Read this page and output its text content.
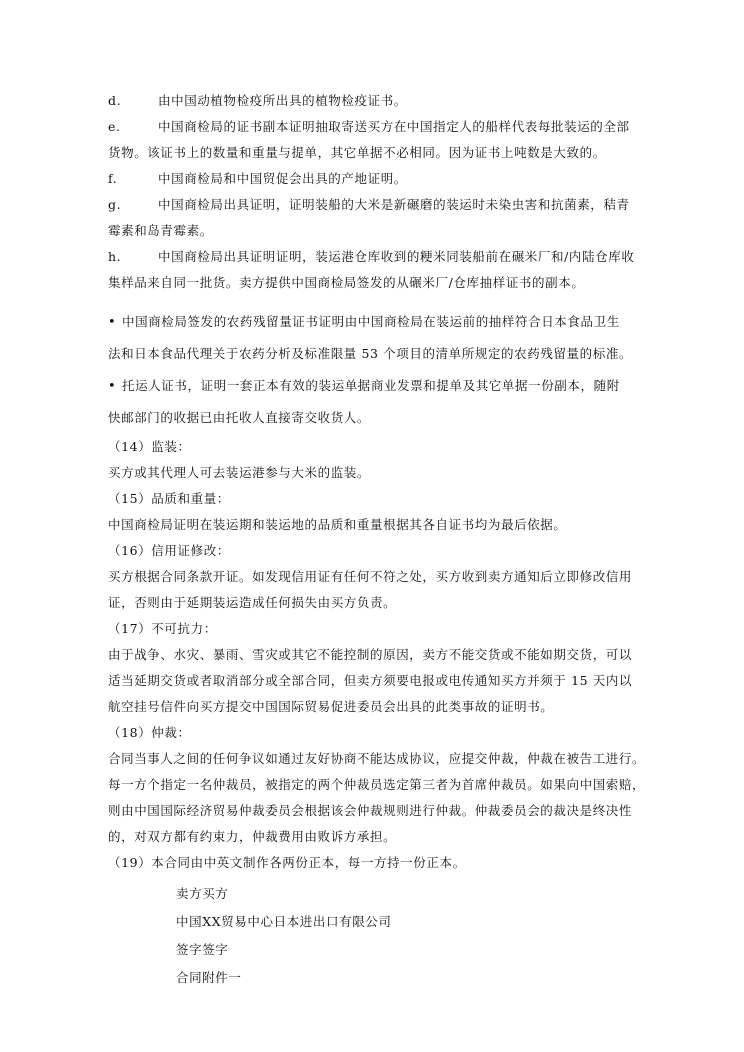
d.	由中国动植物检疫所出具的植物检疫证书。
e.	中国商检局的证书副本证明抽取寄送买方在中国指定人的船样代表每批装运的全部
货物。该证书上的数量和重量与提单，其它单据不必相同。因为证书上吨数是大致的。
f.	中国商检局和中国贸促会出具的产地证明。
g.	中国商检局出具证明，证明装船的大米是新碾磨的装运时未染虫害和抗菌素，秸青
霉素和岛青霉素。
h.	中国商检局出具证明证明，装运港仓库收到的粳米同装船前在碾米厂和/内陆仓库收
集样品来自同一批货。卖方提供中国商检局签发的从碾米厂/仓库抽样证书的副本。
• 中国商检局签发的农药残留量证书证明由中国商检局在装运前的抽样符合日本食品卫生
法和日本食品代理关于农药分析及标准限量 53 个项目的清单所规定的农药残留量的标准。
• 托运人证书，证明一套正本有效的装运单据商业发票和提单及其它单据一份副本，随附
快邮部门的收据已由托收人直接寄交收货人。
（14）监装：
买方或其代理人可去装运港参与大米的监装。
（15）品质和重量：
中国商检局证明在装运期和装运地的品质和重量根据其各自证书均为最后依据。
（16）信用证修改：
买方根据合同条款开证。如发现信用证有任何不符之处，买方收到卖方通知后立即修改信用
证，否则由于延期装运造成任何损失由买方负责。
（17）不可抗力：
由于战争、水灾、暴雨、雪灾或其它不能控制的原因，卖方不能交货或不能如期交货，可以
适当延期交货或者取消部分或全部合同，但卖方须要电报或电传通知买方并须于 15 天内以
航空挂号信件向买方提交中国国际贸易促进委员会出具的此类事故的证明书。
（18）仲裁：
合同当事人之间的任何争议如通过友好协商不能达成协议，应提交仲裁，仲裁在被告工进行。
每一方个指定一名仲裁员，被指定的两个仲裁员选定第三者为首席仲裁员。如果向中国索赔，
则由中国国际经济贸易仲裁委员会根据该会仲裁规则进行仲裁。仲裁委员会的裁决是终决性
的，对双方都有约束力，仲裁费用由败诉方承担。
（19）本合同由中英文制作各两份正本，每一方持一份正本。
卖方买方
中国XX贸易中心日本进出口有限公司
签字签字
合同附件一
